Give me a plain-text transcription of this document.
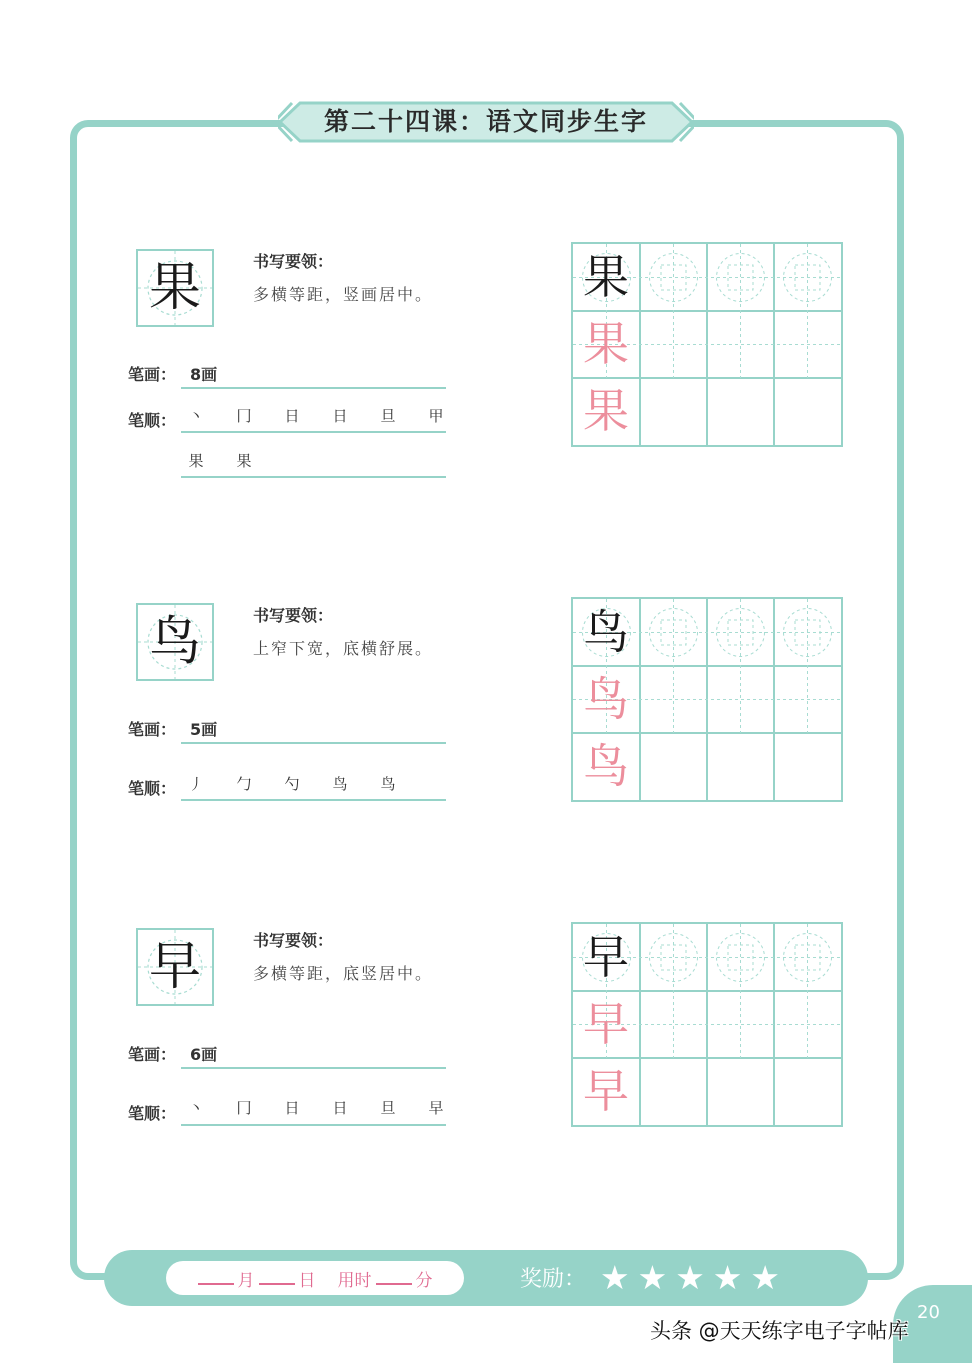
第二十四课：语文同步生字
果	书写要领：
多横等距，竖画居中。
笔画： 8画
笔顺： 丶	冂	日	日	旦	甲
果	果
果
果
果
鸟	书写要领：
上窄下宽，底横舒展。
笔画： 5画
笔顺： 丿	勹	勺	鸟	鸟
鸟
鸟
鸟
早	书写要领：
多横等距，底竖居中。
笔画： 6画
笔顺： 丶	冂	日	日	旦	早
早
早
早
月	日 用时	分	奖励： ★ ★ ★ ★ ★
20
头条 @天天练字电子字帖库
